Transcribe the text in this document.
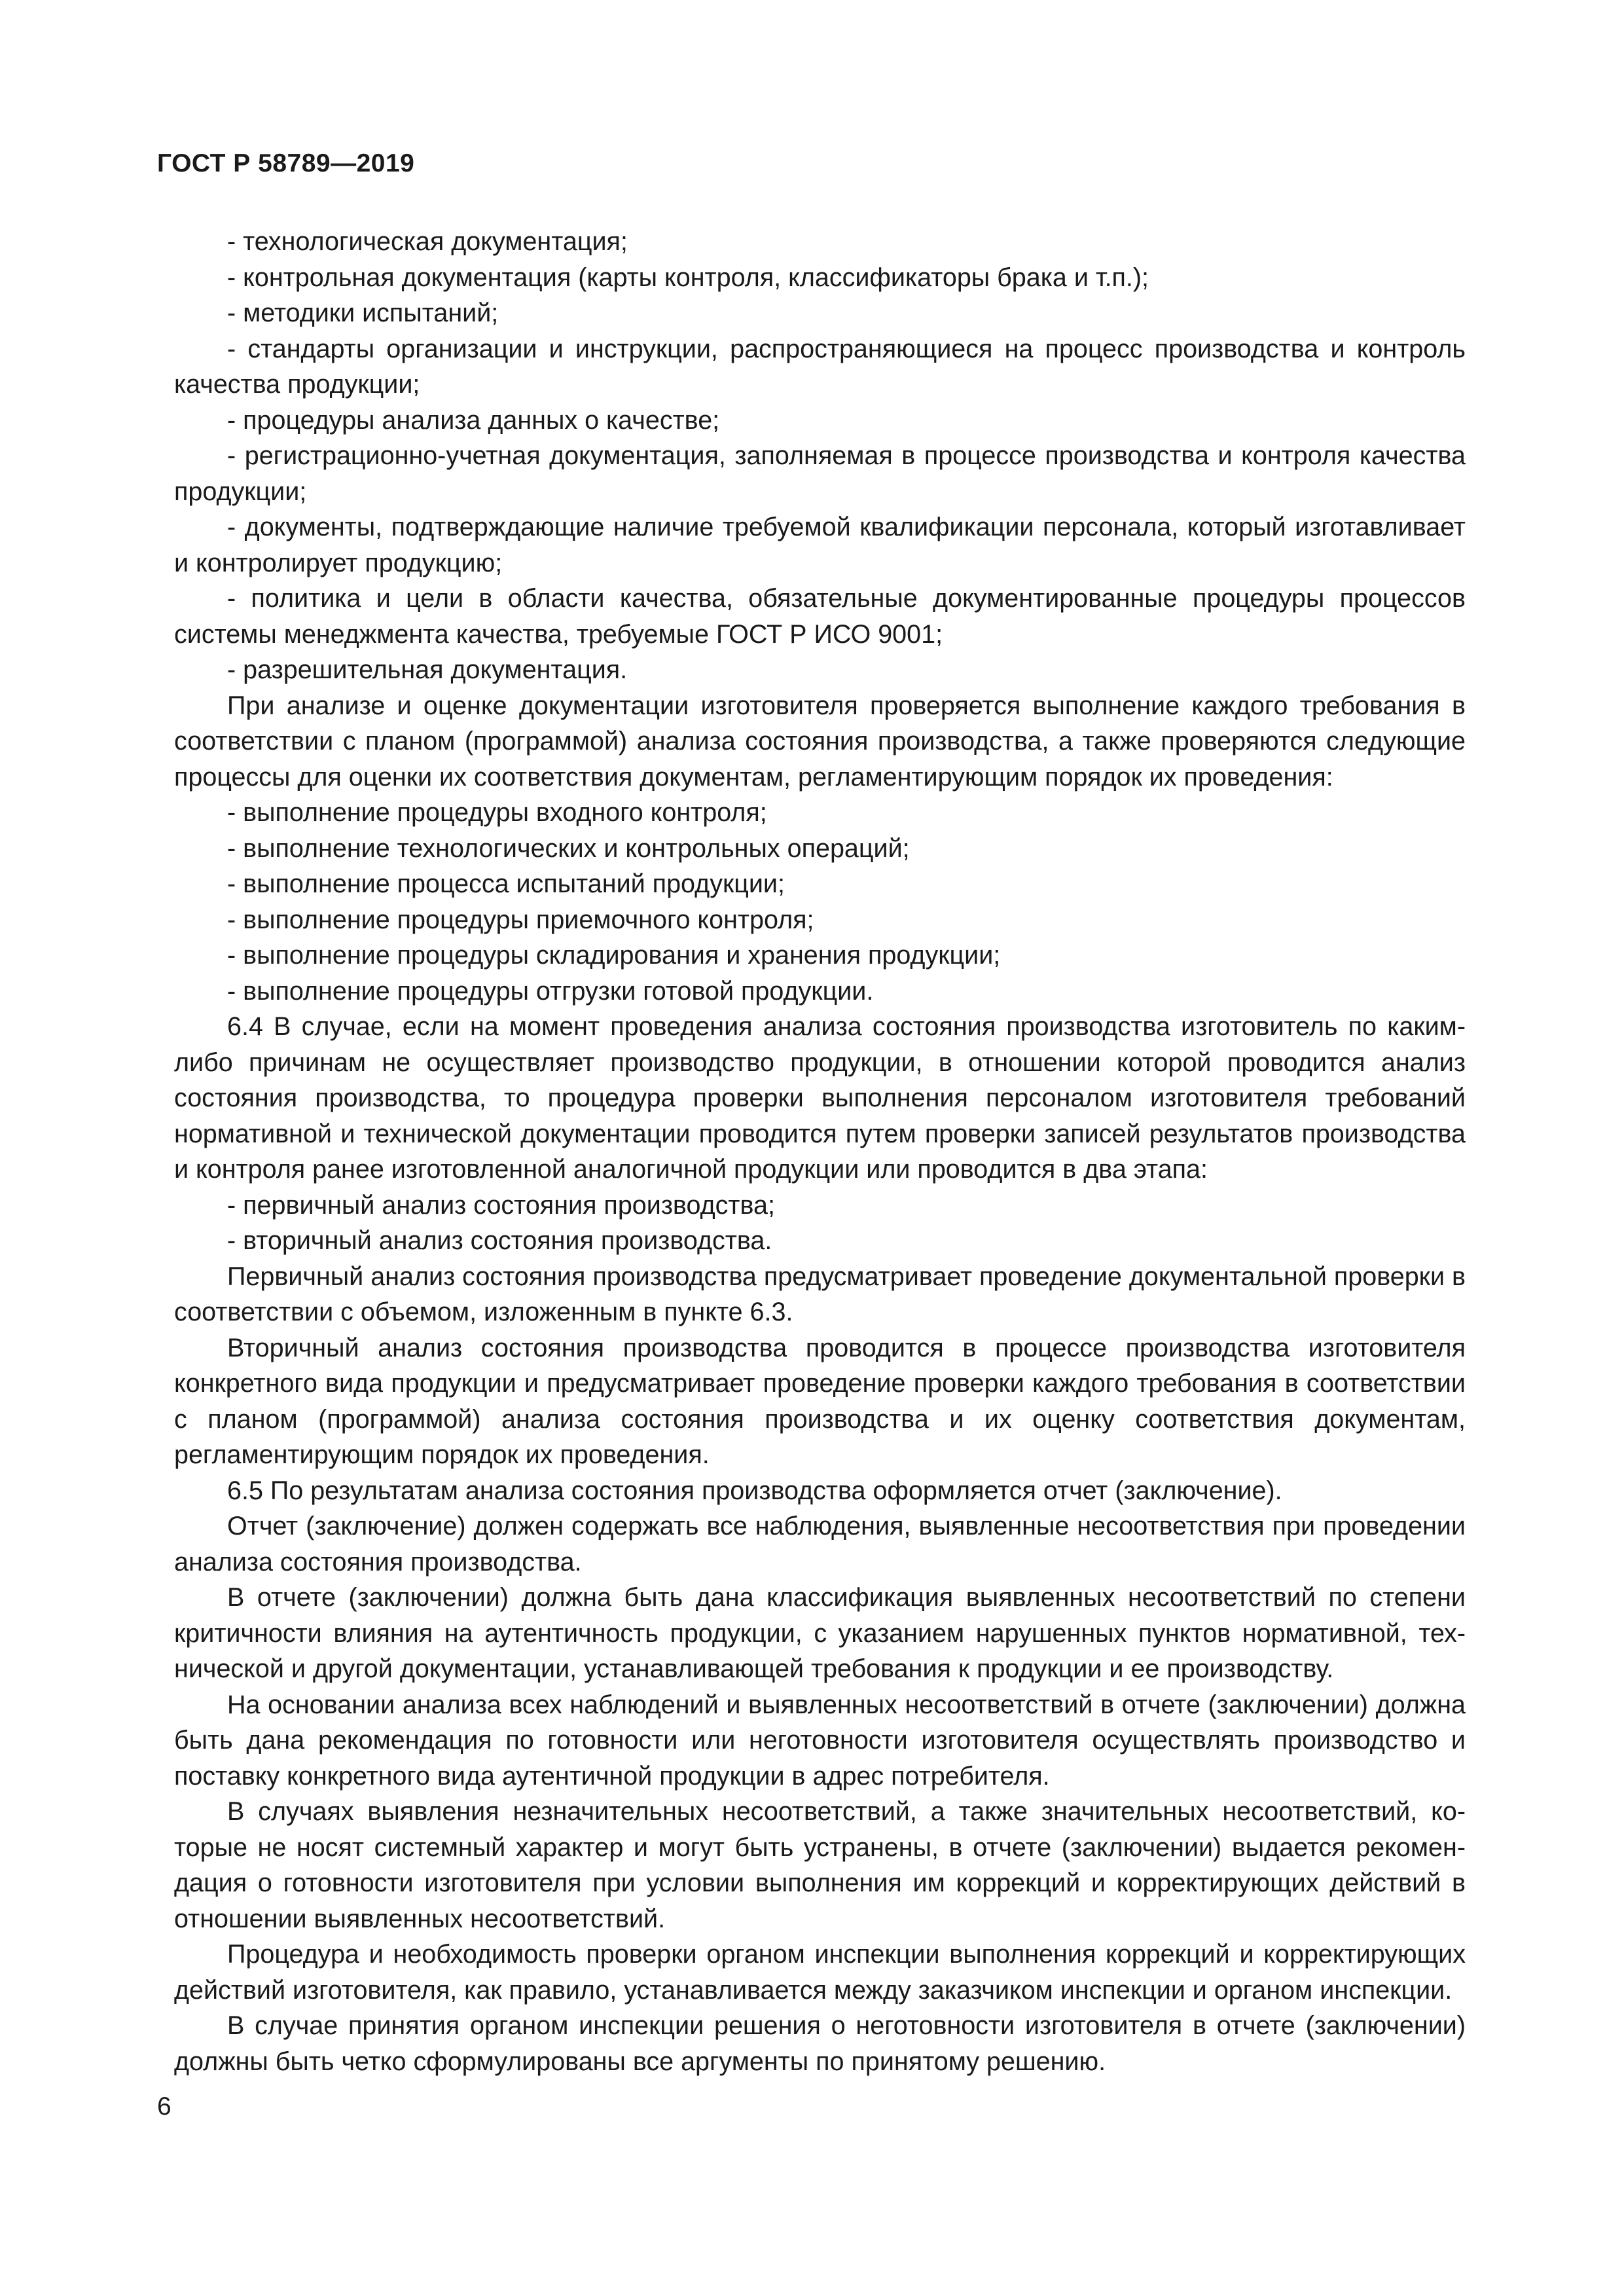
ГОСТ Р 58789—2019

- технологическая документация;

- контрольная документация (карты контроля, классификаторы брака и т.п.);

- методики испытаний;

- стандарты организации и инструкции, распространяющиеся на процесс производства и контроль качества продукции;

- процедуры анализа данных о качестве;

- регистрационно-учетная документация, заполняемая в процессе производства и контроля качества продукции;

- документы, подтверждающие наличие требуемой квалификации персонала, который изготавливает и контролирует продукцию;

- политика и цели в области качества, обязательные документированные процедуры процессов системы менеджмента качества, требуемые ГОСТ Р ИСО 9001;

- разрешительная документация.

При анализе и оценке документации изготовителя проверяется выполнение каждого требования в соответствии с планом (программой) анализа состояния производства, а также проверяются следующие процессы для оценки их соответствия документам, регламентирующим порядок их проведения:

- выполнение процедуры входного контроля;

- выполнение технологических и контрольных операций;

- выполнение процесса испытаний продукции;

- выполнение процедуры приемочного контроля;

- выполнение процедуры складирования и хранения продукции;

- выполнение процедуры отгрузки готовой продукции.

6.4 В случае, если на момент проведения анализа состояния производства изготовитель по каким-либо причинам не осуществляет производство продукции, в отношении которой проводится анализ состояния производства, то процедура проверки выполнения персоналом изготовителя требований нормативной и технической документации проводится путем проверки записей результатов производства и контроля ранее изготовленной аналогичной продукции или проводится в два этапа:

- первичный анализ состояния производства;

- вторичный анализ состояния производства.

Первичный анализ состояния производства предусматривает проведение документальной проверки в соответствии с объемом, изложенным в пункте 6.3.

Вторичный анализ состояния производства проводится в процессе производства изготовителя конкретного вида продукции и предусматривает проведение проверки каждого требования в соответствии с планом (программой) анализа состояния производства и их оценку соответствия документам, регламентирующим порядок их проведения.

6.5 По результатам анализа состояния производства оформляется отчет (заключение).

Отчет (заключение) должен содержать все наблюдения, выявленные несоответствия при проведении анализа состояния производства.

В отчете (заключении) должна быть дана классификация выявленных несоответствий по степени критичности влияния на аутентичность продукции, с указанием нарушенных пунктов нормативной, технической и другой документации, устанавливающей требования к продукции и ее производству.

На основании анализа всех наблюдений и выявленных несоответствий в отчете (заключении) должна быть дана рекомендация по готовности или неготовности изготовителя осуществлять производство и поставку конкретного вида аутентичной продукции в адрес потребителя.

В случаях выявления незначительных несоответствий, а также значительных несоответствий, которые не носят системный характер и могут быть устранены, в отчете (заключении) выдается рекомендация о готовности изготовителя при условии выполнения им коррекций и корректирующих действий в отношении выявленных несоответствий.

Процедура и необходимость проверки органом инспекции выполнения коррекций и корректирующих действий изготовителя, как правило, устанавливается между заказчиком инспекции и органом инспекции.

В случае принятия органом инспекции решения о неготовности изготовителя в отчете (заключении) должны быть четко сформулированы все аргументы по принятому решению.

6
